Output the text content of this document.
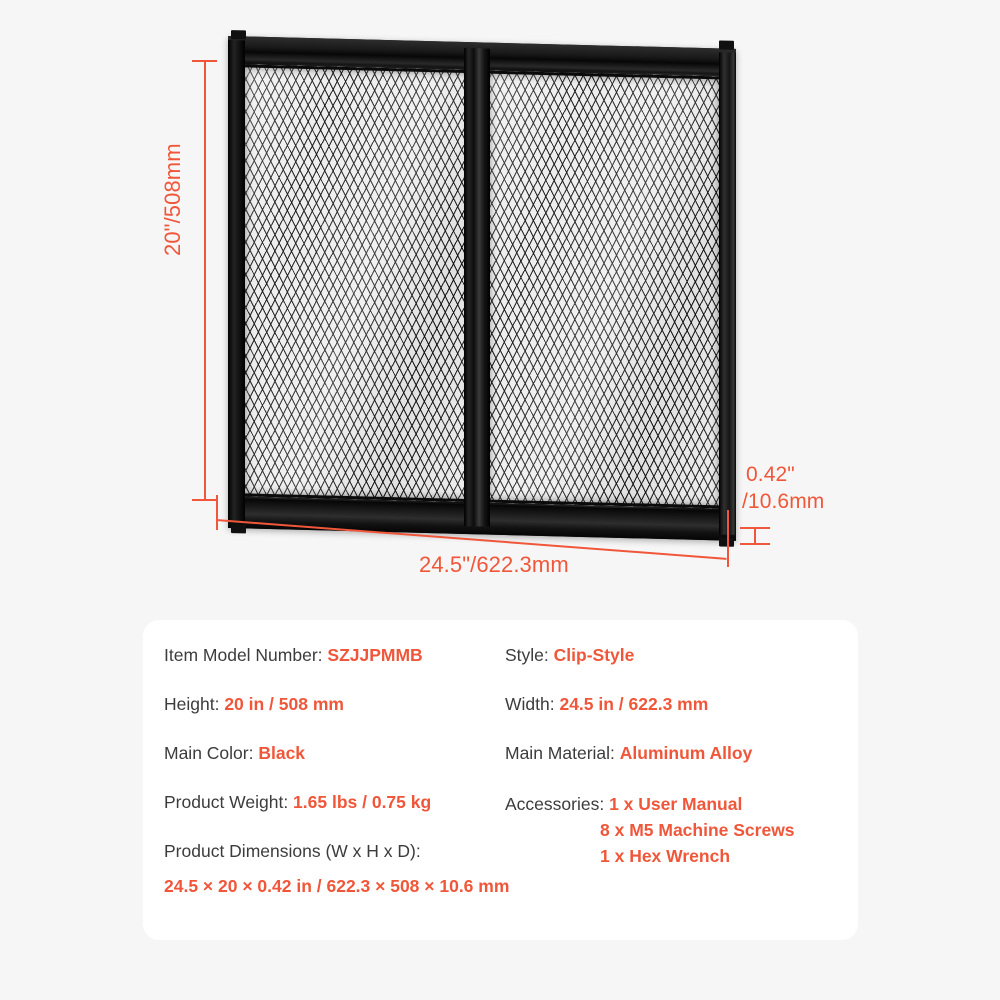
20"/508mm
24.5"/622.3mm
0.42"
/10.6mm
Item Model Number: SZJJPMMB
Height: 20 in / 508 mm
Main Color: Black
Product Weight: 1.65 lbs / 0.75 kg
Product Dimensions (W x H x D):
24.5 × 20 × 0.42 in / 622.3 × 508 × 10.6 mm
Style: Clip-Style
Width: 24.5 in / 622.3 mm
Main Material: Aluminum Alloy
Accessories: 1 x User Manual
8 x M5 Machine Screws
1 x Hex Wrench
